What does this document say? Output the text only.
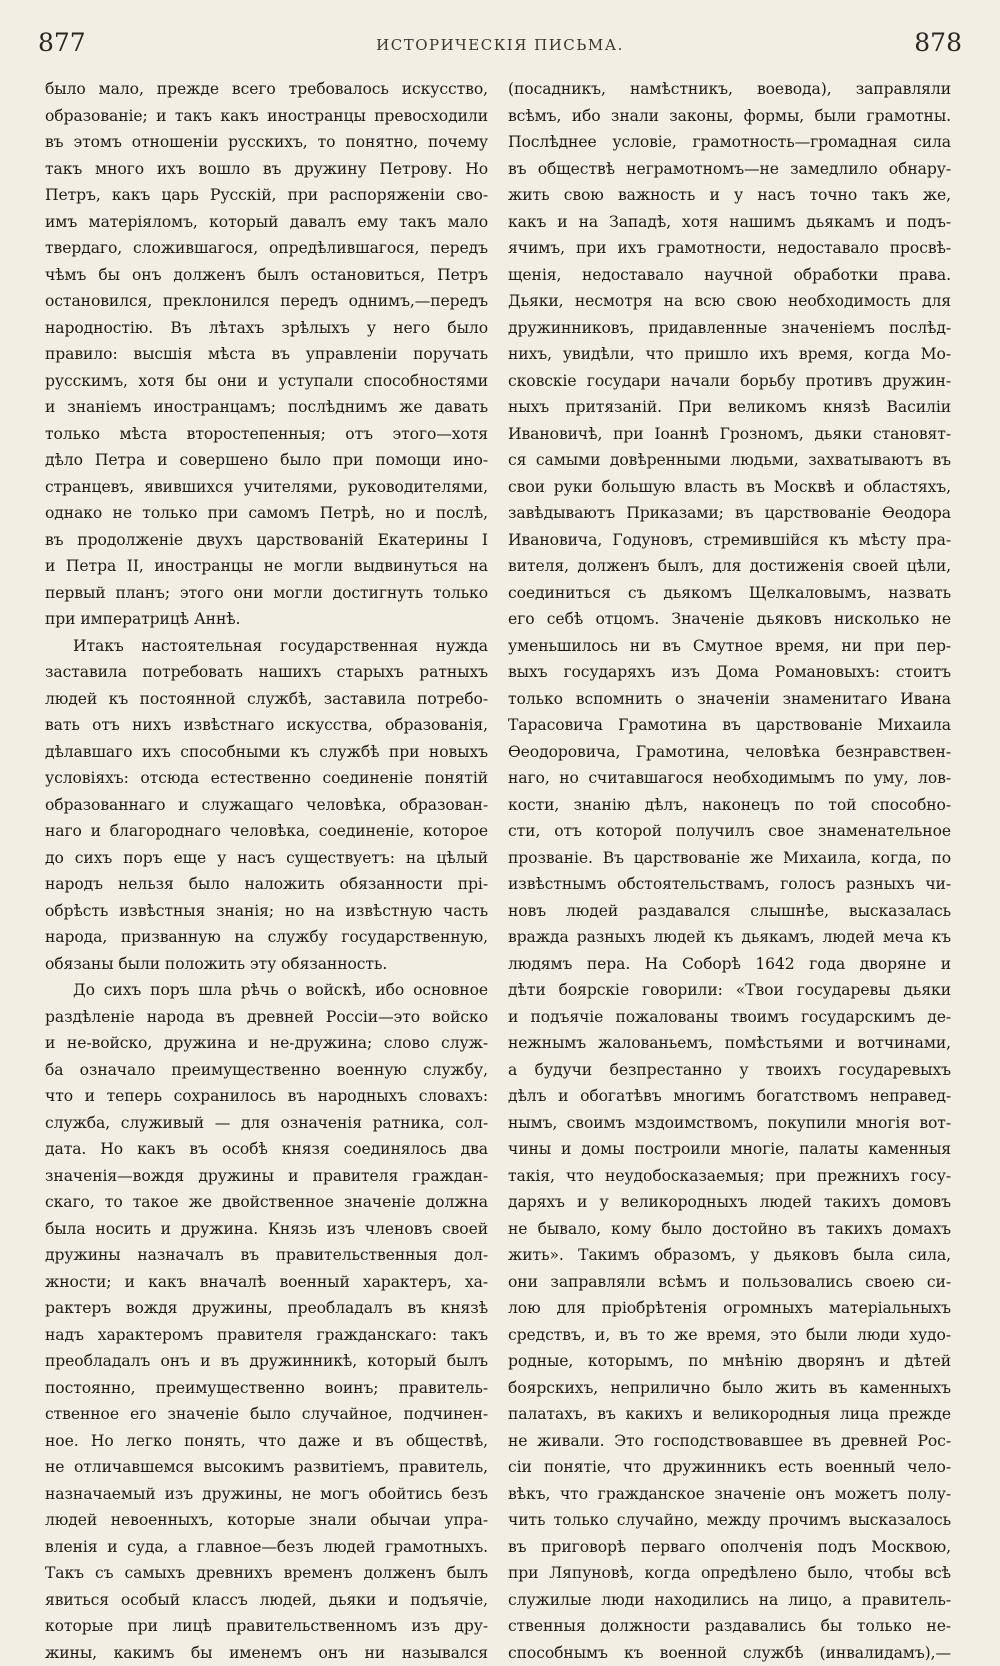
877	ИСТОРИЧЕСКІЯ ПИСЬМА.	878
было мало, прежде всего требовалось искусство,
образованіе; и такъ какъ иностранцы превосходили
въ этомъ отношеніи русскихъ, то понятно, почему
такъ много ихъ вошло въ дружину Петрову. Но
Петръ, какъ царь Русскій, при распоряженіи сво-
имъ матеріяломъ, который давалъ ему такъ мало
твердаго, сложившагося, опредѣлившагося, передъ
чѣмъ бы онъ долженъ былъ остановиться, Петръ
остановился, преклонился передъ однимъ,—передъ
народностію. Въ лѣтахъ зрѣлыхъ у него было
правило: высшія мѣста въ управленіи поручать
русскимъ, хотя бы они и уступали способностями
и знаніемъ иностранцамъ; послѣднимъ же давать
только мѣста второстепенныя; отъ этого—хотя
дѣло Петра и совершено было при помощи ино-
странцевъ, явившихся учителями, руководителями,
однако не только при самомъ Петрѣ, но и послѣ,
въ продолженіе двухъ царствованій Екатерины I
и Петра II, иностранцы не могли выдвинуться на
первый планъ; этого они могли достигнуть только
при императрицѣ Аннѣ.
Итакъ настоятельная государственная нужда
заставила потребовать нашихъ старыхъ ратныхъ
людей къ постоянной службѣ, заставила потребо-
вать отъ нихъ извѣстнаго искусства, образованія,
дѣлавшаго ихъ способными къ службѣ при новыхъ
условіяхъ: отсюда естественно соединеніе понятій
образованнаго и служащаго человѣка, образован-
наго и благороднаго человѣка, соединеніе, которое
до сихъ поръ еще у насъ существуетъ: на цѣлый
народъ нельзя было наложить обязанности прі-
обрѣсть извѣстныя знанія; но на извѣстную часть
народа, призванную на службу государственную,
обязаны были положить эту обязанность.
До сихъ поръ шла рѣчь о войскѣ, ибо основное
раздѣленіе народа въ древней Россіи—это войско
и не-войско, дружина и не-дружина; слово служ-
ба означало преимущественно военную службу,
что и теперь сохранилось въ народныхъ словахъ:
служба, служивый — для означенія ратника, сол-
дата. Но какъ въ особѣ князя соединялось два
значенія—вождя дружины и правителя граждан-
скаго, то такое же двойственное значеніе должна
была носить и дружина. Князь изъ членовъ своей
дружины назначалъ въ правительственныя дол-
жности; и какъ вначалѣ военный характеръ, ха-
рактеръ вождя дружины, преобладалъ въ князѣ
надъ характеромъ правителя гражданскаго: такъ
преобладалъ онъ и въ дружинникѣ, который былъ
постоянно, преимущественно воинъ; правитель-
ственное его значеніе было случайное, подчинен-
ное. Но легко понять, что даже и въ обществѣ,
не отличавшемся высокимъ развитіемъ, правитель,
назначаемый изъ дружины, не могъ обойтись безъ
людей невоенныхъ, которые знали обычаи упра-
вленія и суда, а главное—безъ людей грамотныхъ.
Такъ съ самыхъ древнихъ временъ долженъ былъ
явиться особый классъ людей, дьяки и подъячіе,
которые при лицѣ правительственномъ изъ дру-
жины, какимъ бы именемъ онъ ни назывался
(посадникъ, намѣстникъ, воевода), заправляли
всѣмъ, ибо знали законы, формы, были грамотны.
Послѣднее условіе, грамотность—громадная сила
въ обществѣ неграмотномъ—не замедлило обнару-
жить свою важность и у насъ точно такъ же,
какъ и на Западѣ, хотя нашимъ дьякамъ и подъ-
ячимъ, при ихъ грамотности, недоставало просвѣ-
щенія, недоставало научной обработки права.
Дьяки, несмотря на всю свою необходимость для
дружинниковъ, придавленные значеніемъ послѣд-
нихъ, увидѣли, что пришло ихъ время, когда Мо-
сковскіе государи начали борьбу противъ дружин-
ныхъ притязаній. При великомъ князѣ Василіи
Ивановичѣ, при Іоаннѣ Грозномъ, дьяки становят-
ся самыми довѣренными людьми, захватываютъ въ
свои руки большую власть въ Москвѣ и областяхъ,
завѣдываютъ Приказами; въ царствованіе Ѳеодора
Ивановича, Годуновъ, стремившійся къ мѣсту пра-
вителя, долженъ былъ, для достиженія своей цѣли,
соединиться съ дьякомъ Щелкаловымъ, назвать
его себѣ отцомъ. Значеніе дьяковъ нисколько не
уменьшилось ни въ Смутное время, ни при пер-
выхъ государяхъ изъ Дома Романовыхъ: стоитъ
только вспомнить о значеніи знаменитаго Ивана
Тарасовича Грамотина въ царствованіе Михаила
Ѳеодоровича, Грамотина, человѣка безнравствен-
наго, но считавшагося необходимымъ по уму, лов-
кости, знанію дѣлъ, наконецъ по той способно-
сти, отъ которой получилъ свое знаменательное
прозваніе. Въ царствованіе же Михаила, когда, по
извѣстнымъ обстоятельствамъ, голосъ разныхъ чи-
новъ людей раздавался слышнѣе, высказалась
вражда разныхъ людей къ дьякамъ, людей меча къ
людямъ пера. На Соборѣ 1642 года дворяне и
дѣти боярскіе говорили: «Твои государевы дьяки
и подъячіе пожалованы твоимъ государскимъ де-
нежнымъ жалованьемъ, помѣстьями и вотчинами,
а будучи безпрестанно у твоихъ государевыхъ
дѣлъ и обогатѣвъ многимъ богатствомъ неправед-
нымъ, своимъ мздоимствомъ, покупили многія вот-
чины и домы построили многіе, палаты каменныя
такія, что неудобосказаемыя; при прежнихъ госу-
даряхъ и у великородныхъ людей такихъ домовъ
не бывало, кому было достойно въ такихъ домахъ
жить». Такимъ образомъ, у дьяковъ была сила,
они заправляли всѣмъ и пользовались своею си-
лою для пріобрѣтенія огромныхъ матеріальныхъ
средствъ, и, въ то же время, это были люди худо-
родные, которымъ, по мнѣнію дворянъ и дѣтей
боярскихъ, неприлично было жить въ каменныхъ
палатахъ, въ какихъ и великородныя лица прежде
не живали. Это господствовавшее въ древней Рос-
сіи понятіе, что дружинникъ есть военный чело-
вѣкъ, что гражданское значеніе онъ можетъ полу-
чить только случайно, между прочимъ высказалось
въ приговорѣ перваго ополченія подъ Москвою,
при Ляпуновѣ, когда опредѣлено было, чтобы всѣ
служилые люди находились на лицо, а правитель-
ственныя должности раздавались бы только не-
способнымъ къ военной службѣ (инвалидамъ),—
